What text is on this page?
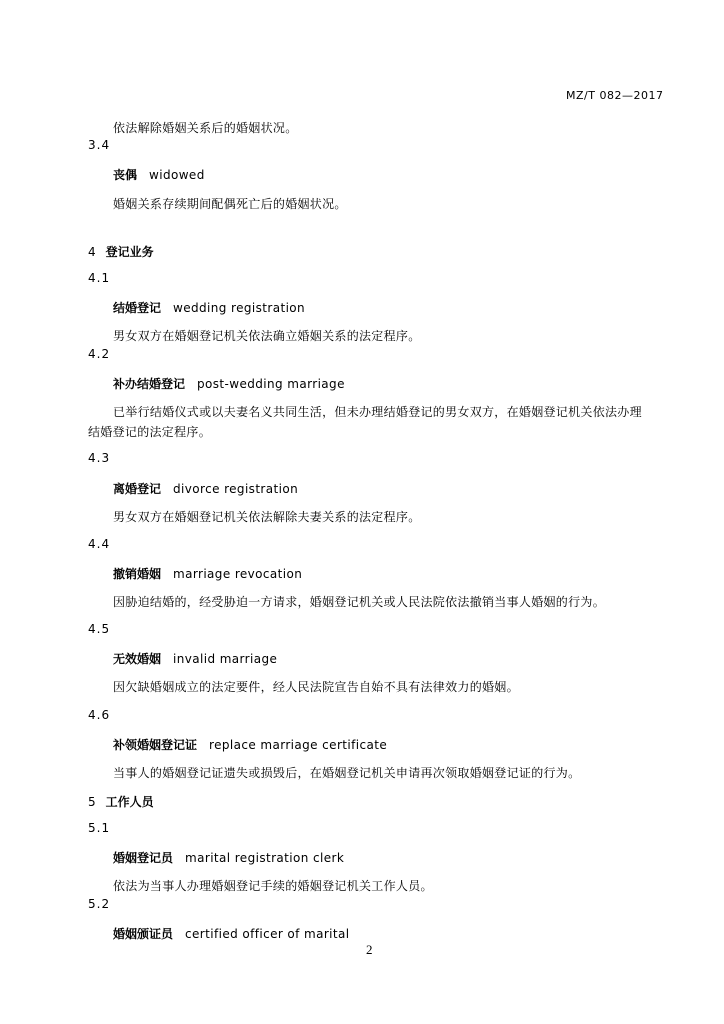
MZ/T 082—2017
依法解除婚姻关系后的婚姻状况。
3.4
丧偶 widowed
婚姻关系存续期间配偶死亡后的婚姻状况。
4 登记业务
4.1
结婚登记 wedding registration
男女双方在婚姻登记机关依法确立婚姻关系的法定程序。
4.2
补办结婚登记 post-wedding marriage
已举行结婚仪式或以夫妻名义共同生活，但未办理结婚登记的男女双方，在婚姻登记机关依法办理
结婚登记的法定程序。
4.3
离婚登记 divorce registration
男女双方在婚姻登记机关依法解除夫妻关系的法定程序。
4.4
撤销婚姻 marriage revocation
因胁迫结婚的，经受胁迫一方请求，婚姻登记机关或人民法院依法撤销当事人婚姻的行为。
4.5
无效婚姻 invalid marriage
因欠缺婚姻成立的法定要件，经人民法院宣告自始不具有法律效力的婚姻。
4.6
补领婚姻登记证 replace marriage certificate
当事人的婚姻登记证遗失或损毁后，在婚姻登记机关申请再次领取婚姻登记证的行为。
5 工作人员
5.1
婚姻登记员 marital registration clerk
依法为当事人办理婚姻登记手续的婚姻登记机关工作人员。
5.2
婚姻颁证员 certified officer of marital
2
